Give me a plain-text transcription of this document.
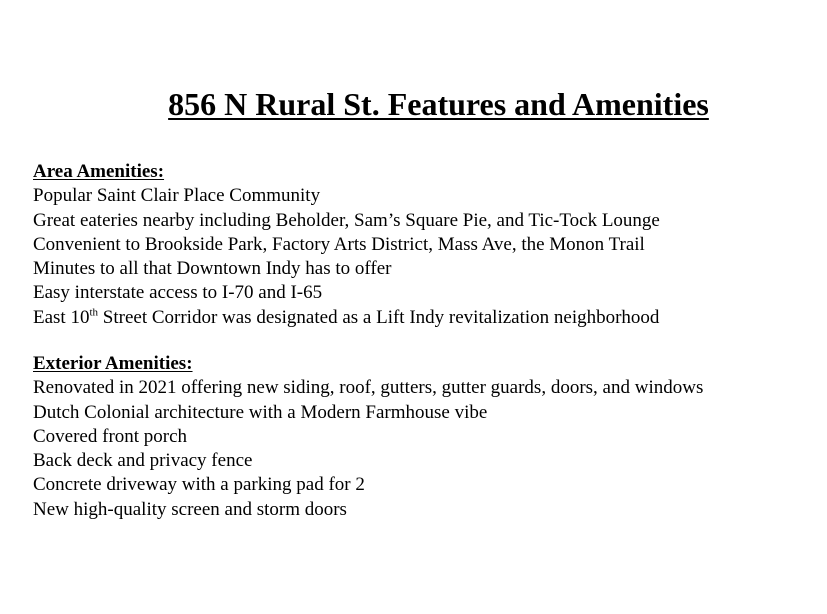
856 N Rural St. Features and Amenities
Area Amenities:
Popular Saint Clair Place Community
Great eateries nearby including Beholder, Sam’s Square Pie, and Tic-Tock Lounge
Convenient to Brookside Park, Factory Arts District, Mass Ave, the Monon Trail
Minutes to all that Downtown Indy has to offer
Easy interstate access to I-70 and I-65
East 10th Street Corridor was designated as a Lift Indy revitalization neighborhood
Exterior Amenities:
Renovated in 2021 offering new siding, roof, gutters, gutter guards, doors, and windows
Dutch Colonial architecture with a Modern Farmhouse vibe
Covered front porch
Back deck and privacy fence
Concrete driveway with a parking pad for 2
New high-quality screen and storm doors
